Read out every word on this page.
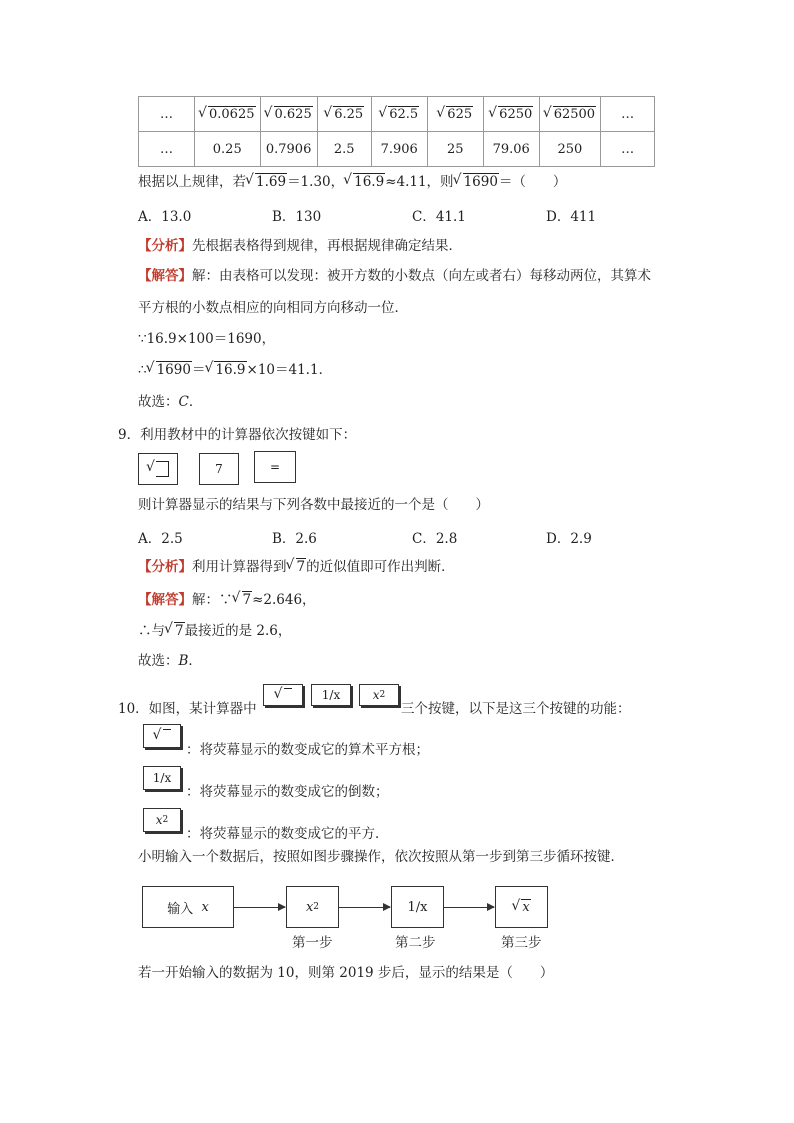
…	√ 0.0625	√ 0.625	√ 6.25	√ 62.5	√ 625	√ 6250	√ 62500	…
…	0.25	0.7906	2.5	7.906	25	79.06	250	…
根据以上规律，若 √ 1.69＝1.30， √ 16.9≈4.11，则 √ 1690＝（　　）
A．13.0	B．130	C．41.1	D．411
【分析】先根据表格得到规律，再根据规律确定结果．
【解答】解：由表格可以发现：被开方数的小数点（向左或者右）每移动两位，其算术
平方根的小数点相应的向相同方向移动一位．
∵16.9×100＝1690，
∴ √ 1690＝ √ 16.9×10＝41.1．
故选：C．
9．利用教材中的计算器依次按键如下：
√
7	=
则计算器显示的结果与下列各数中最接近的一个是（　　）
A．2.5	B．2.6	C．2.8	D．2.9
【分析】利用计算器得到 √ 7的近似值即可作出判断．
【解答】解：∵ √ 7≈2.646，
∴与 √ 7最接近的是 2.6，
故选：B．
10．如图，某计算器中
√
1/x	x 2
三个按键，以下是这三个按键的功能：
√
：将荧幕显示的数变成它的算术平方根；
1/x
：将荧幕显示的数变成它的倒数；
x 2
：将荧幕显示的数变成它的平方．
小明输入一个数据后，按照如图步骤操作，依次按照从第一步到第三步循环按键．
输入
x	x 2	1/x	√ x
第一步	第二步	第三步
若一开始输入的数据为 10，则第 2019 步后，显示的结果是（　　）
